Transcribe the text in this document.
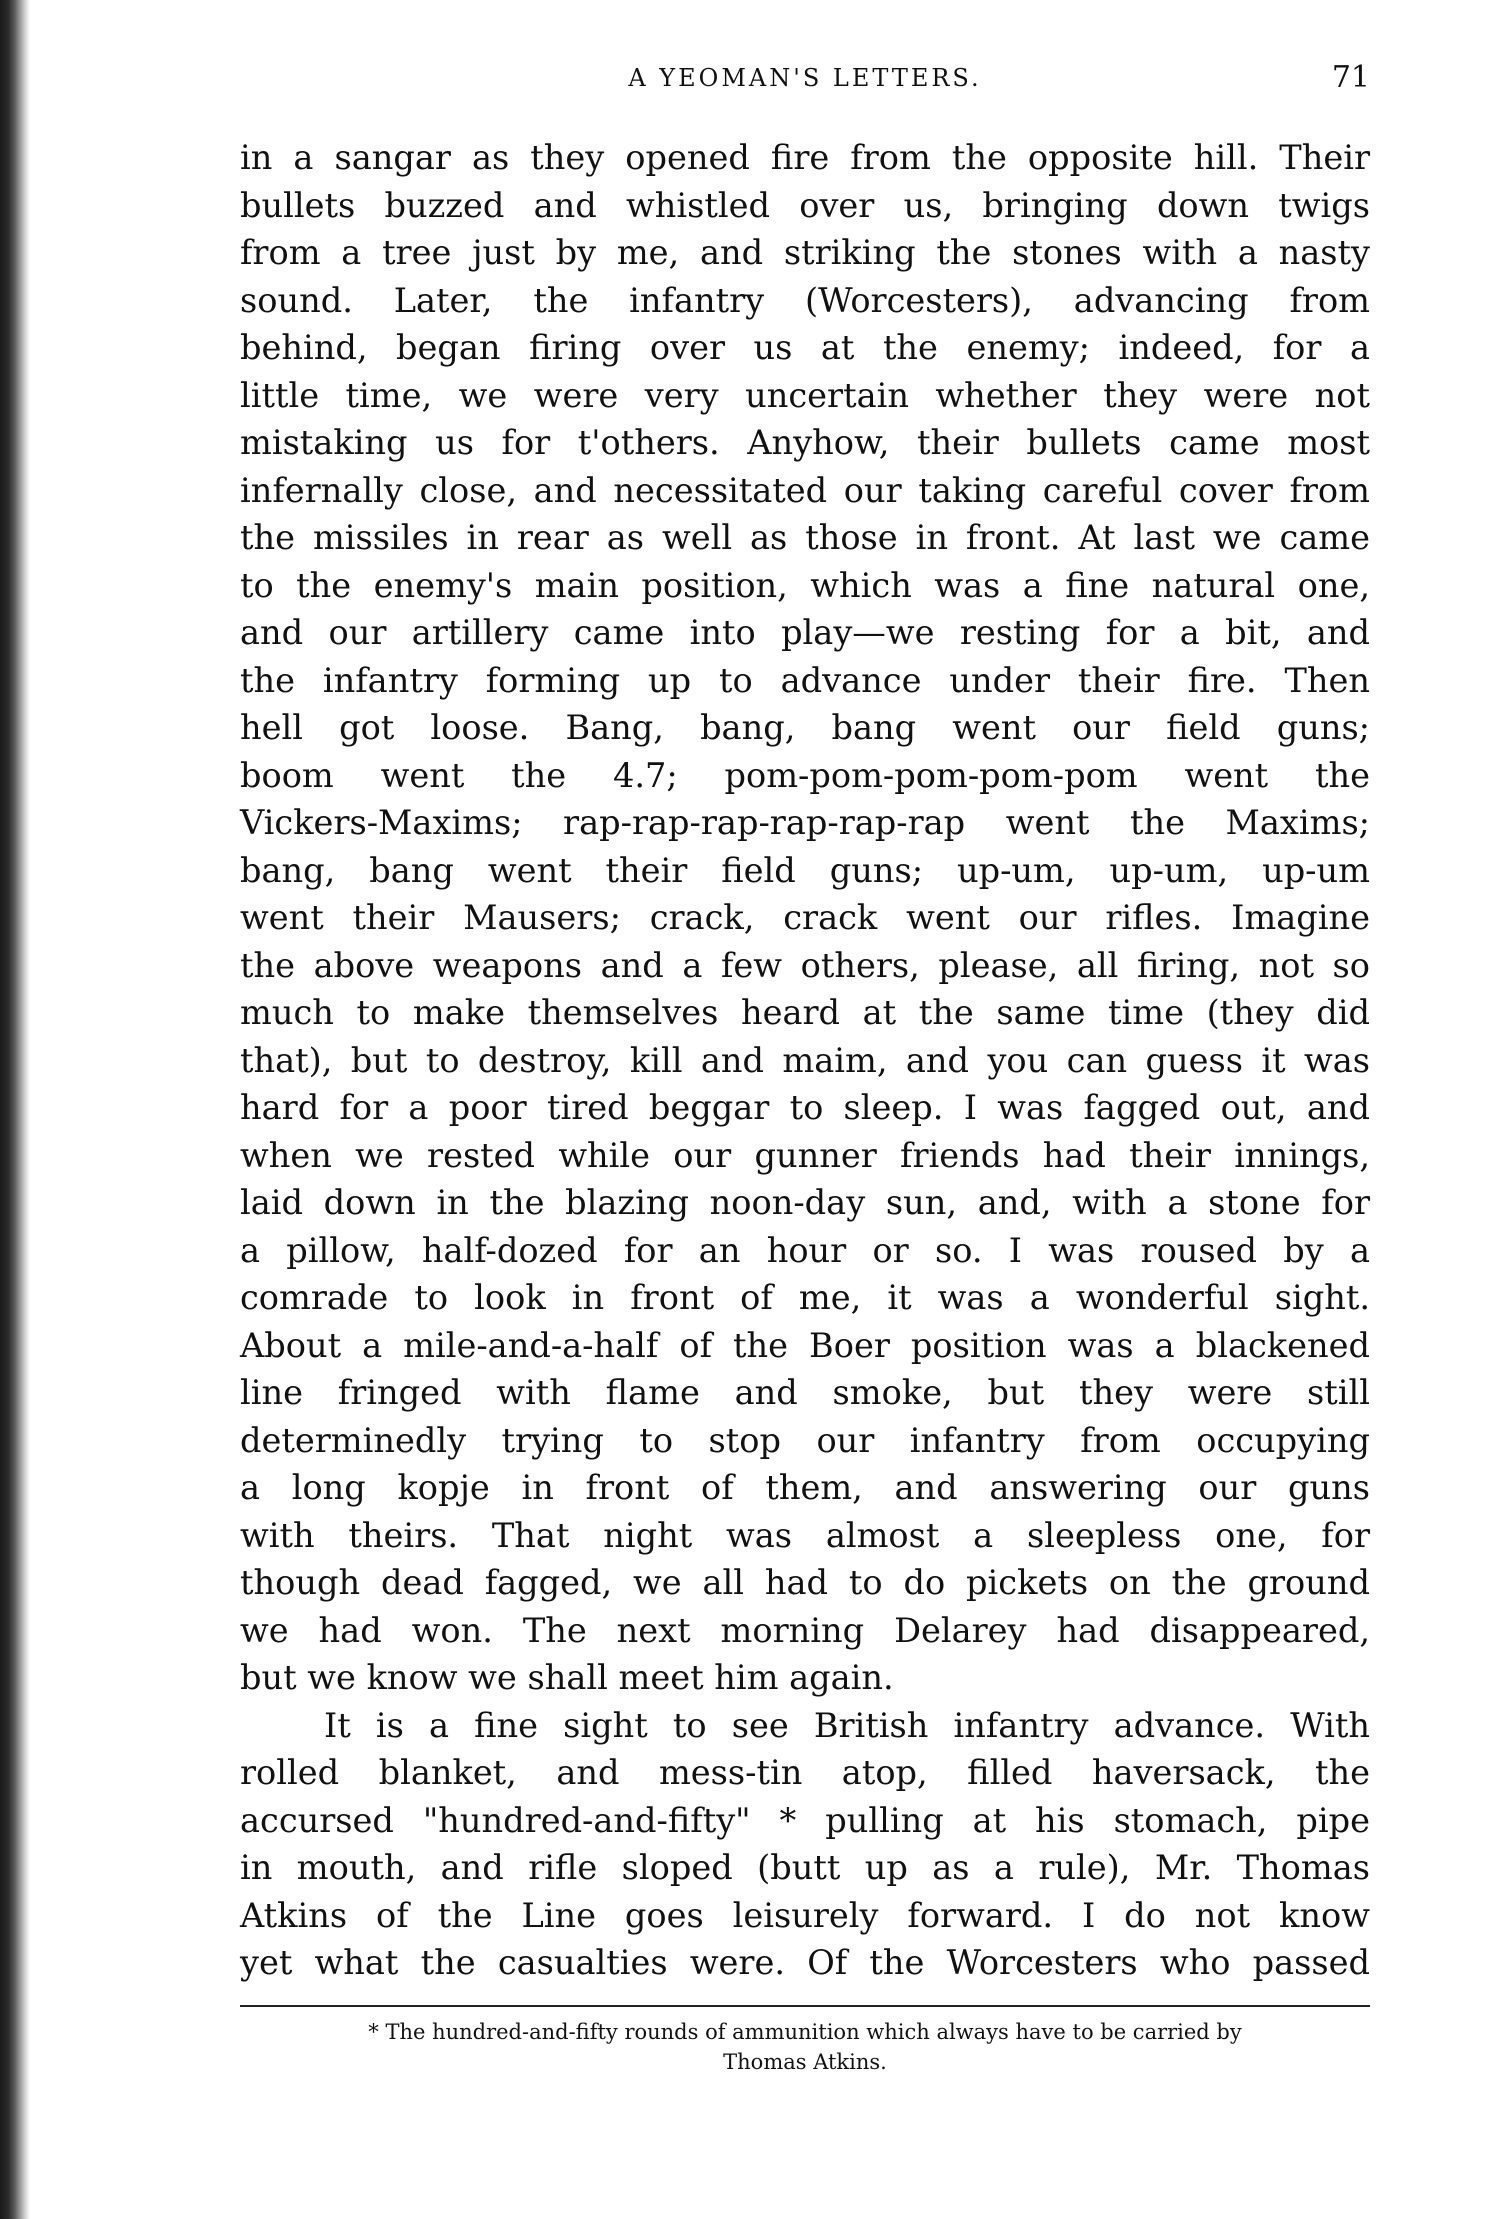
A YEOMAN'S LETTERS.	71
in a sangar as they opened fire from the opposite hill. Their
bullets buzzed and whistled over us, bringing down twigs
from a tree just by me, and striking the stones with a nasty
sound. Later, the infantry (Worcesters), advancing from
behind, began firing over us at the enemy; indeed, for a
little time, we were very uncertain whether they were not
mistaking us for t'others. Anyhow, their bullets came most
infernally close, and necessitated our taking careful cover from
the missiles in rear as well as those in front. At last we came
to the enemy's main position, which was a fine natural one,
and our artillery came into play—we resting for a bit, and
the infantry forming up to advance under their fire. Then
hell got loose. Bang, bang, bang went our field guns;
boom went the 4.7; pom-pom-pom-pom-pom went the
Vickers-Maxims; rap-rap-rap-rap-rap-rap went the Maxims;
bang, bang went their field guns; up-um, up-um, up-um
went their Mausers; crack, crack went our rifles. Imagine
the above weapons and a few others, please, all firing, not so
much to make themselves heard at the same time (they did
that), but to destroy, kill and maim, and you can guess it was
hard for a poor tired beggar to sleep. I was fagged out, and
when we rested while our gunner friends had their innings,
laid down in the blazing noon-day sun, and, with a stone for
a pillow, half-dozed for an hour or so. I was roused by a
comrade to look in front of me, it was a wonderful sight.
About a mile-and-a-half of the Boer position was a blackened
line fringed with flame and smoke, but they were still
determinedly trying to stop our infantry from occupying
a long kopje in front of them, and answering our guns
with theirs. That night was almost a sleepless one, for
though dead fagged, we all had to do pickets on the ground
we had won. The next morning Delarey had disappeared,
but we know we shall meet him again.
It is a fine sight to see British infantry advance. With
rolled blanket, and mess-tin atop, filled haversack, the
accursed "hundred-and-fifty" * pulling at his stomach, pipe
in mouth, and rifle sloped (butt up as a rule), Mr. Thomas
Atkins of the Line goes leisurely forward. I do not know
yet what the casualties were. Of the Worcesters who passed
* The hundred-and-fifty rounds of ammunition which always have to be carried by
Thomas Atkins.
